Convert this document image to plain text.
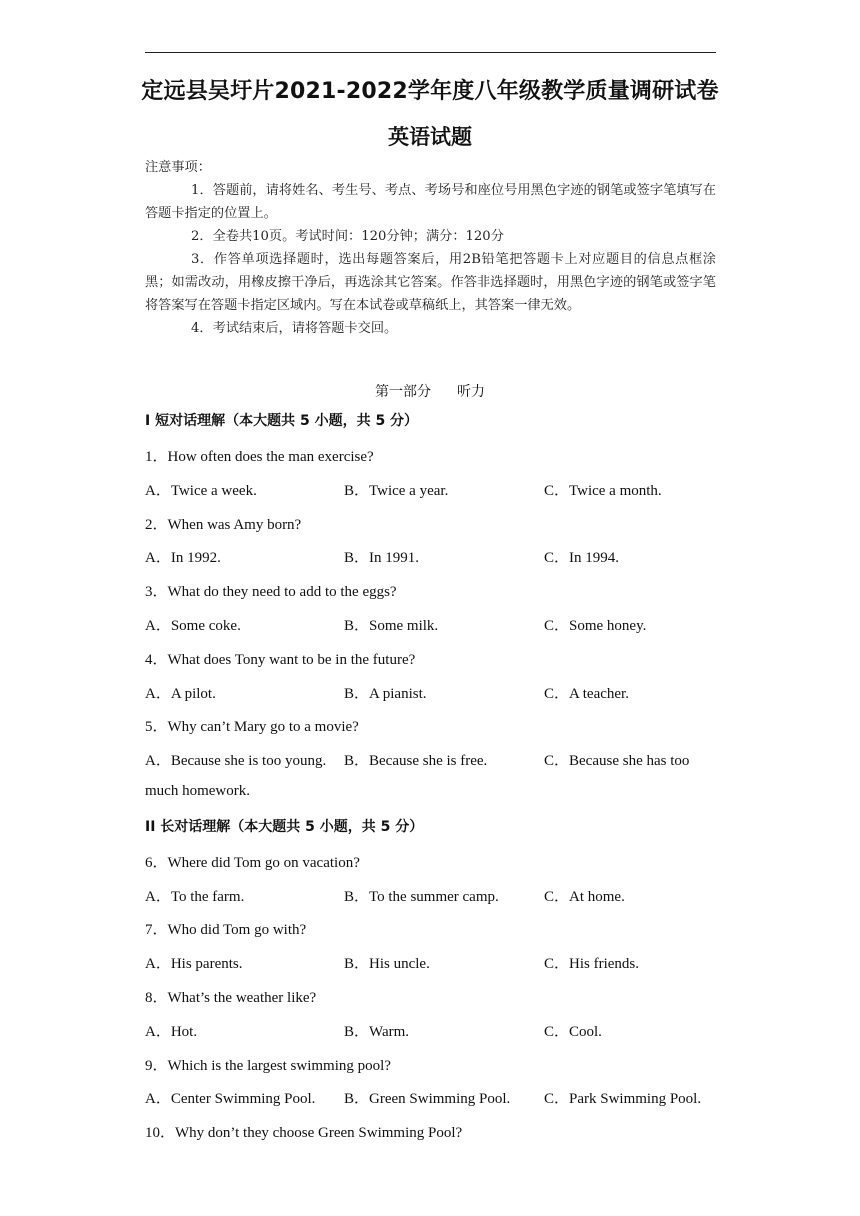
定远县吴圩片2021-2022学年度八年级教学质量调研试卷
英语试题

注意事项：

1．答题前，请将姓名、考生号、考点、考场号和座位号用黑色字迹的钢笔或签字笔填写在答题卡指定的位置上。

2．全卷共10页。考试时间：120分钟；满分：120分

3．作答单项选择题时，选出每题答案后，用2B铅笔把答题卡上对应题目的信息点框涂黑；如需改动，用橡皮擦干净后，再选涂其它答案。作答非选择题时，用黑色字迹的钢笔或签字笔将答案写在答题卡指定区域内。写在本试卷或草稿纸上，其答案一律无效。

4．考试结束后，请将答题卡交回。

第一部分 听力
I 短对话理解（本大题共 5 小题，共 5 分）
1．How often does the man exercise?
A．Twice a week.	B．Twice a year.	C．Twice a month.
2．When was Amy born?
A．In 1992.	B．In 1991.	C．In 1994.
3．What do they need to add to the eggs?
A．Some coke.	B．Some milk.	C．Some honey.
4．What does Tony want to be in the future?
A．A pilot.	B．A pianist.	C．A teacher.
5．Why can’t Mary go to a movie?
A．Because she is too young. B．Because she is free.	C．Because she has too
much homework.
II 长对话理解（本大题共 5 小题，共 5 分）
6．Where did Tom go on vacation?
A．To the farm.	B．To the summer camp.	C．At home.
7．Who did Tom go with?
A．His parents.	B．His uncle.	C．His friends.
8．What’s the weather like?
A．Hot.	B．Warm.	C．Cool.
9．Which is the largest swimming pool?
A．Center Swimming Pool. B．Green Swimming Pool. C．Park Swimming Pool.
10．Why don’t they choose Green Swimming Pool?
